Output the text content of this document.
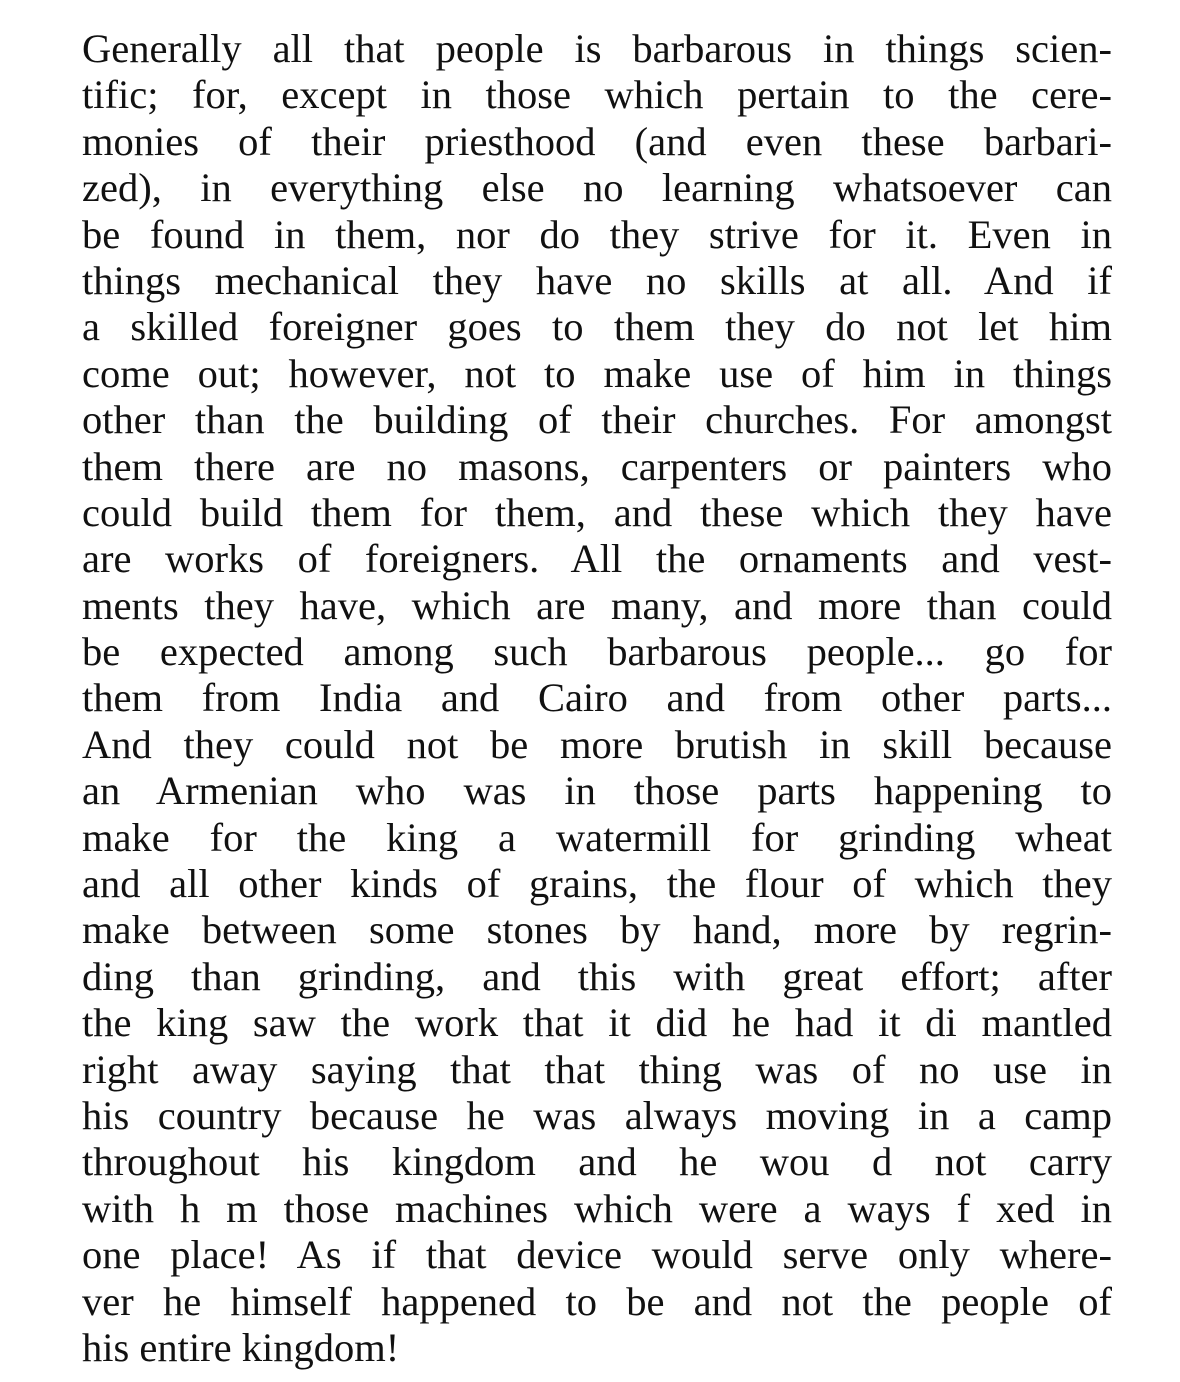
Generally all that people is barbarous in things scien-
tific; for, except in those which pertain to the cere-
monies of their priesthood (and even these barbari-
zed), in everything else no learning whatsoever can
be found in them, nor do they strive for it. Even in
things mechanical they have no skills at all. And if
a skilled foreigner goes to them they do not let him
come out; however, not to make use of him in things
other than the building of their churches. For amongst
them there are no masons, carpenters or painters who
could build them for them, and these which they have
are works of foreigners. All the ornaments and vest-
ments they have, which are many, and more than could
be expected among such barbarous people... go for
them from India and Cairo and from other parts...
And they could not be more brutish in skill because
an Armenian who was in those parts happening to
make for the king a watermill for grinding wheat
and all other kinds of grains, the flour of which they
make between some stones by hand, more by regrin-
ding than grinding, and this with great effort; after
the king saw the work that it did he had it di mantled
right away saying that that thing was of no use in
his country because he was always moving in a camp
throughout his kingdom and he wou d not carry
with h m those machines which were a ways f xed in
one place! As if that device would serve only where-
ver he himself happened to be and not the people of
his entire kingdom!
